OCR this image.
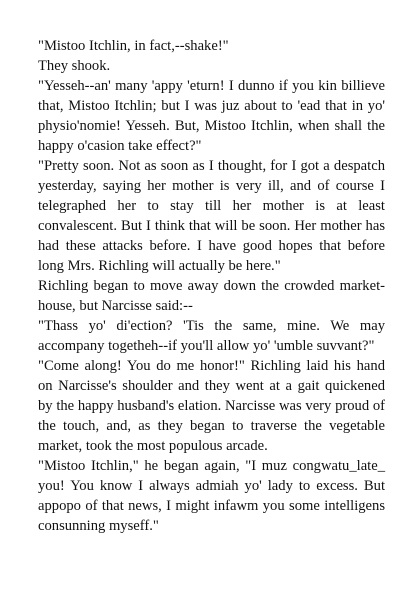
"Mistoo Itchlin, in fact,--shake!"

They shook.

"Yesseh--an' many 'appy 'eturn! I dunno if you kin billieve that, Mistoo Itchlin; but I was juz about to 'ead that in yo' physio'nomie! Yesseh. But, Mistoo Itchlin, when shall the happy o'casion take effect?"

"Pretty soon. Not as soon as I thought, for I got a despatch yesterday, saying her mother is very ill, and of course I telegraphed her to stay till her mother is at least convalescent. But I think that will be soon. Her mother has had these attacks before. I have good hopes that before long Mrs. Richling will actually be here."

Richling began to move away down the crowded market-house, but Narcisse said:--

"Thass yo' di'ection? 'Tis the same, mine. We may accompany togetheh--if you'll allow yo' 'umble suvvant?"

"Come along! You do me honor!" Richling laid his hand on Narcisse's shoulder and they went at a gait quickened by the happy husband's elation. Narcisse was very proud of the touch, and, as they began to traverse the vegetable market, took the most populous arcade.

"Mistoo Itchlin," he began again, "I muz congwatu_late_ you! You know I always admiah yo' lady to excess. But appopo of that news, I might infawm you some intelligens consunning myseff."
